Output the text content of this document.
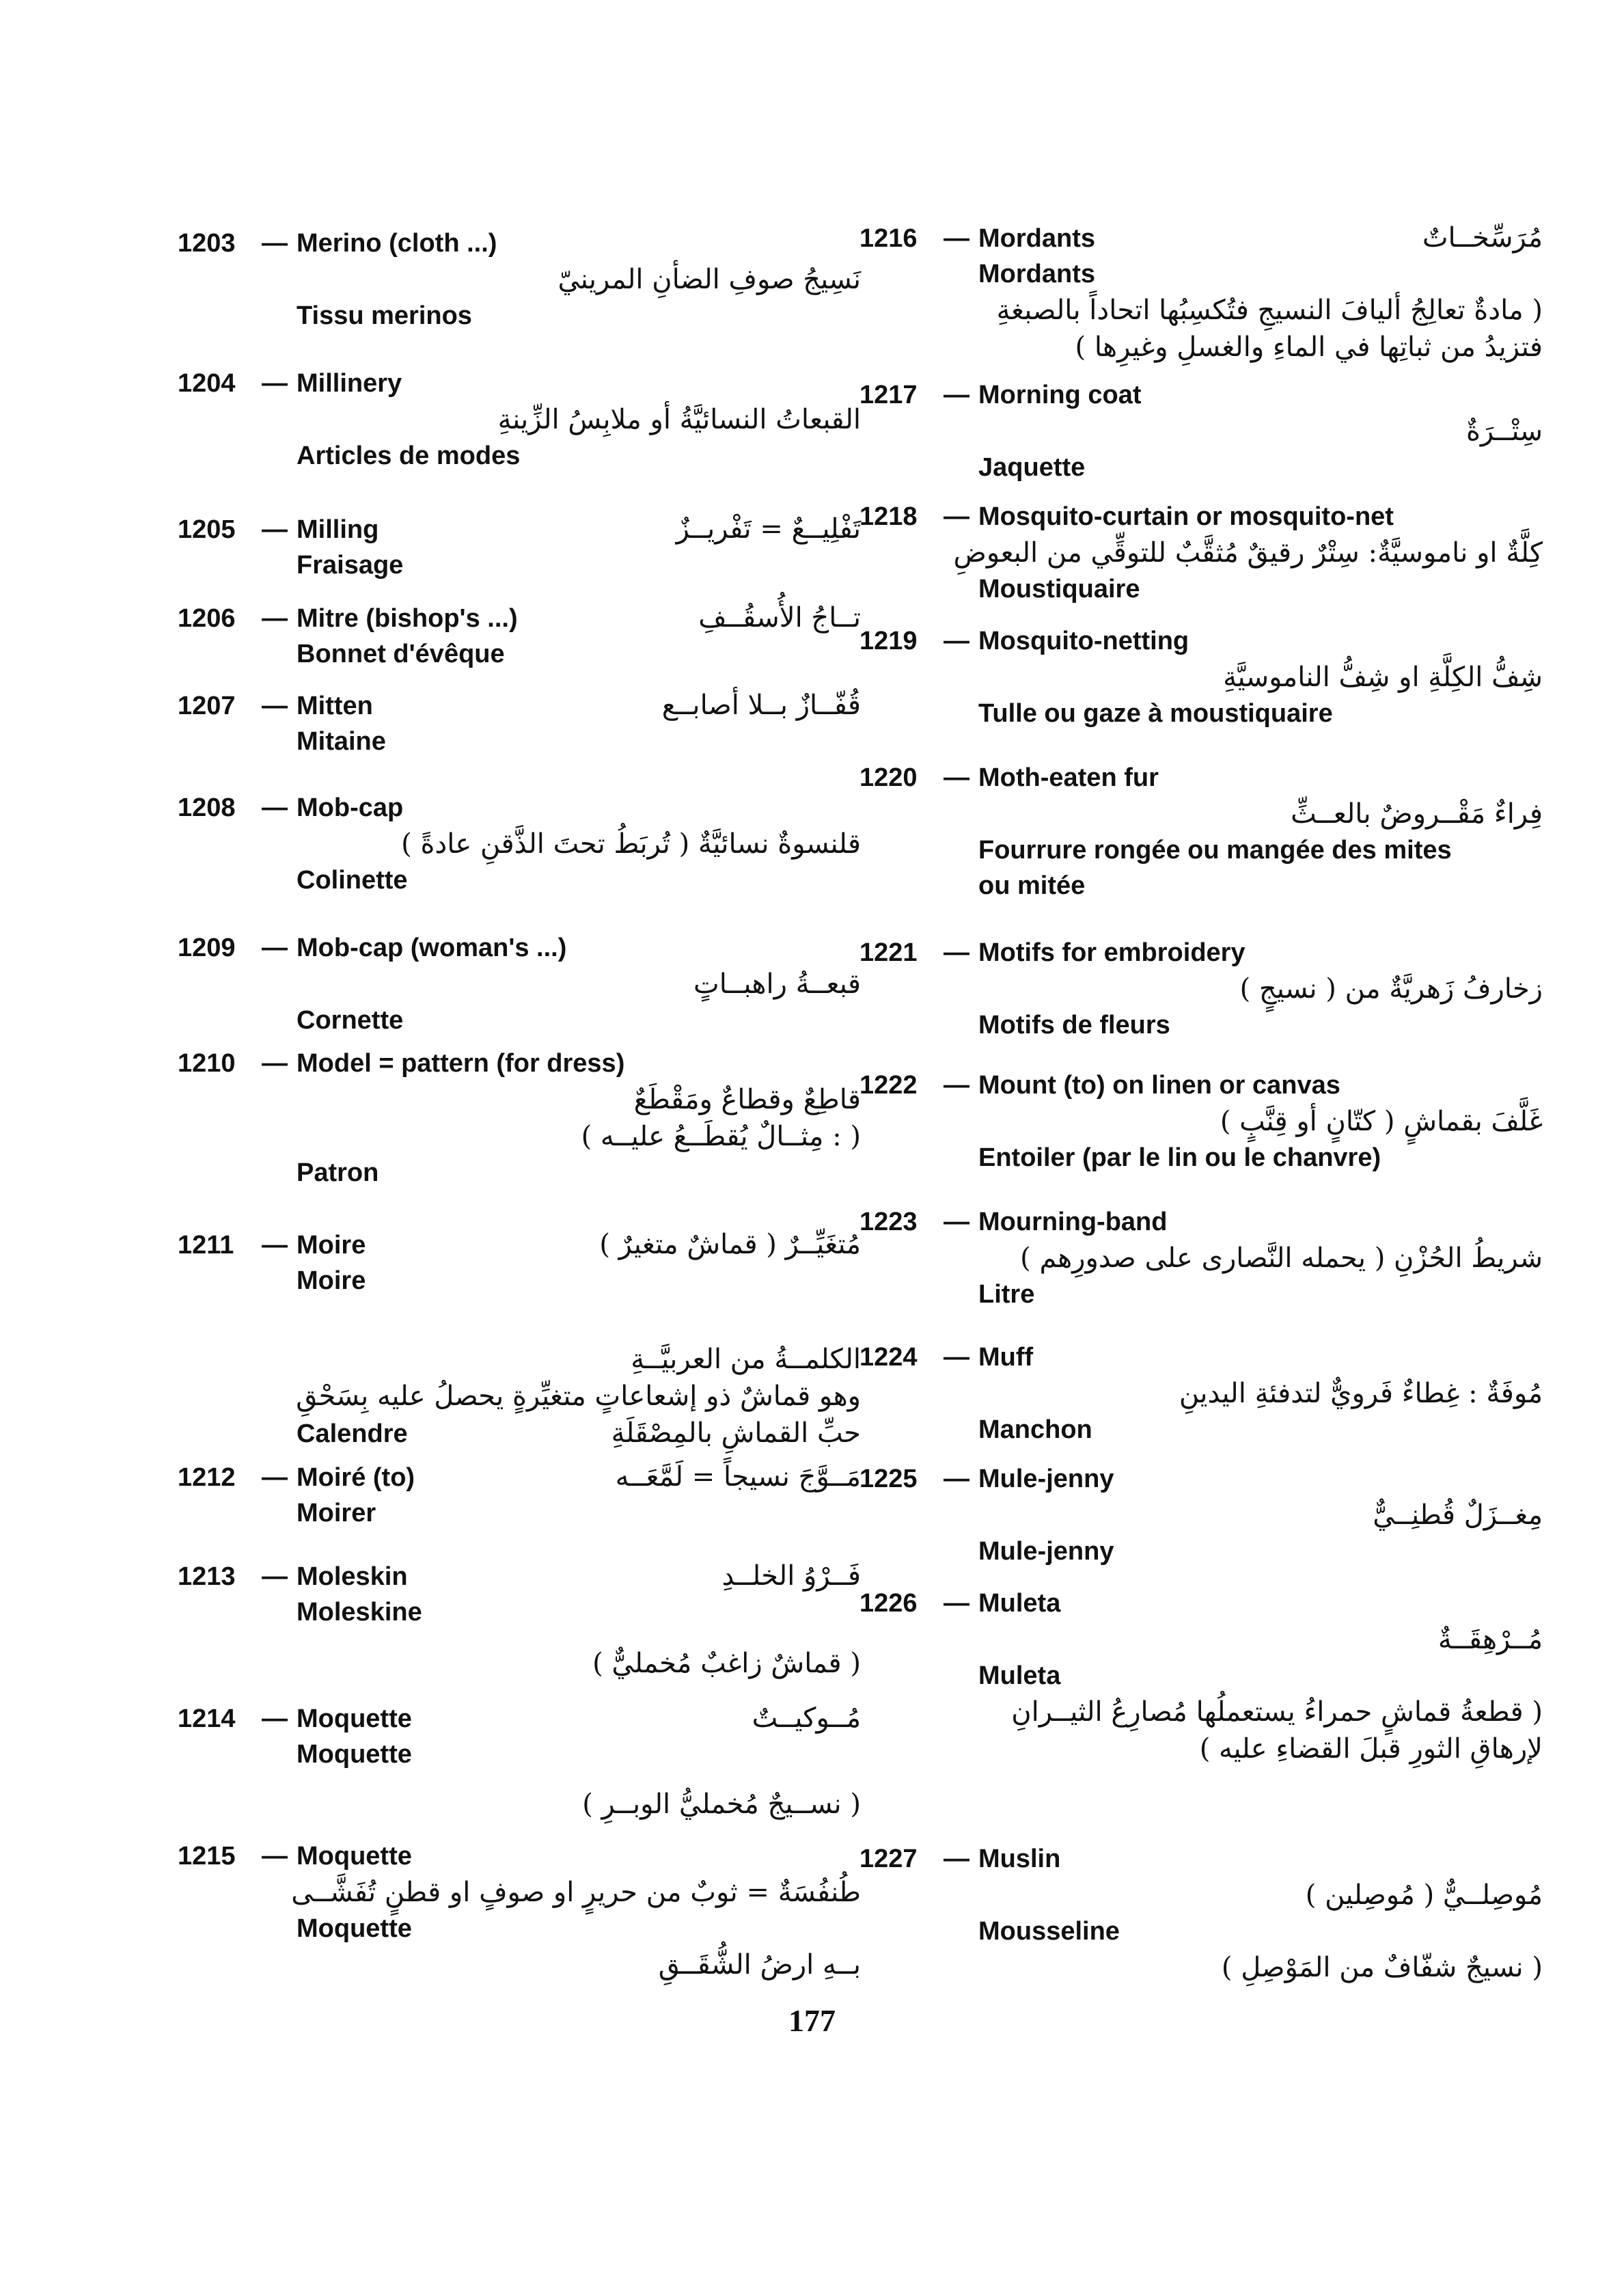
1203	— Merino (cloth ...)
نَسِيجُ صوفِ الضأنِ المرينيّ
Tissu merinos
1204	— Millinery
القبعاتُ النسائيَّةُ أو ملابِسُ الزِّينةِ
Articles de modes
1205	— Milling	تَفْلِيــعٌ = تَفْريــزٌ
Fraisage
1206	— Mitre (bishop's ...)	تــاجُ الأُسقُــفِ
Bonnet d'évêque
1207	— Mitten	قُفّــازٌ بــلا أصابــع
Mitaine
1208	— Mob-cap
قلنسوةٌ نسائيَّةٌ ( تُربَطُ تحتَ الذَّقنِ عادةً )
Colinette
1209	— Mob-cap (woman's ...)
قبعــةُ راهبــاتٍ
Cornette
1210	— Model = pattern (for dress)
قاطِعٌ وقطاعٌ ومَقْطَعٌ
( : مِثــالٌ يُقطَــعُ عليــه )
Patron
1211	— Moire	مُتغَيِّــرٌ ( قماشٌ متغيرٌ )
Moire
الكلمــةُ من العربيَّــةِ
وهو قماشٌ ذو إشعاعاتٍ متغيِّرةٍ يحصلُ عليه بِسَحْقِ
Calendre	حبِّ القماشِ بالمِصْقَلَةِ
1212	— Moiré (to)	مَــوَّجَ نسيجاً = لَمَّعَــه
Moirer
1213	— Moleskin	فَــرْوُ الخلــدِ
Moleskine
( قماشٌ زاغبٌ مُخمليٌّ )
1214	— Moquette	مُــوكيــتٌ
Moquette
( نســيجٌ مُخمليُّ الوبــرِ )
1215	— Moquette
طُنفُسَةٌ = ثوبٌ من حريرٍ او صوفٍ او قطنٍ تُفَشَّــى
Moquette
بــهِ ارضُ الشُّقَــقِ
1216	— Mordants	مُرَسِّخــاتٌ
Mordants
( مادةٌ تعالِجُ أليافَ النسيجِ فتُكسِبُها اتحاداً بالصبغةِ
فتزيدُ من ثباتِها في الماءِ والغسلِ وغيرِها )
1217	— Morning coat
سِتْــرَةٌ
Jaquette
1218	— Mosquito-curtain or mosquito-net
كِلَّةٌ او ناموسيَّةٌ: سِتْرٌ رقيقٌ مُثقَّبٌ للتوقِّي من البعوضِ
Moustiquaire
1219	— Mosquito-netting
شِفُّ الكِلَّةِ او شِفُّ الناموسيَّةِ
Tulle ou gaze à moustiquaire
1220	— Moth-eaten fur
فِراءٌ مَقْــروضٌ بالعــثِّ
Fourrure rongée ou mangée des mites
ou mitée
1221	— Motifs for embroidery
زخارفُ زَهريَّةٌ من ( نسيجٍ )
Motifs de fleurs
1222	— Mount (to) on linen or canvas
غَلَّفَ بقماشٍ ( كتّانٍ أو قِنَّبٍ )
Entoiler (par le lin ou le chanvre)
1223	— Mourning-band
شريطُ الحُزْنِ ( يحمله النَّصارى على صدورِهم )
Litre
1224	— Muff
مُوفَةٌ : غِطاءٌ فَرويٌّ لتدفئةِ اليدينِ
Manchon
1225	— Mule-jenny
مِغــزَلٌ قُطنِــيٌّ
Mule-jenny
1226	— Muleta
مُــرْهِقَــةٌ
Muleta
( قطعةُ قماشٍ حمراءُ يستعملُها مُصارِعُ الثيــرانِ
لإرهاقِ الثورِ قبلَ القضاءِ عليه )
1227	— Muslin
مُوصِلــيٌّ ( مُوصِلين )
Mousseline
( نسيجٌ شفّافٌ من المَوْصِلِ )
177
